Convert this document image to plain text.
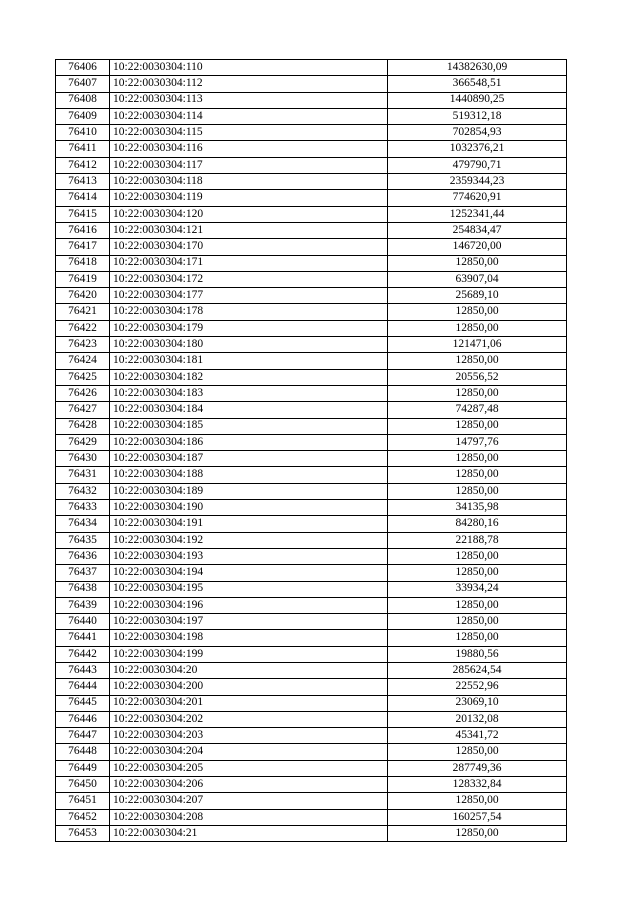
76406	10:22:0030304:110	14382630,09
76407	10:22:0030304:112	366548,51
76408	10:22:0030304:113	1440890,25
76409	10:22:0030304:114	519312,18
76410	10:22:0030304:115	702854,93
76411	10:22:0030304:116	1032376,21
76412	10:22:0030304:117	479790,71
76413	10:22:0030304:118	2359344,23
76414	10:22:0030304:119	774620,91
76415	10:22:0030304:120	1252341,44
76416	10:22:0030304:121	254834,47
76417	10:22:0030304:170	146720,00
76418	10:22:0030304:171	12850,00
76419	10:22:0030304:172	63907,04
76420	10:22:0030304:177	25689,10
76421	10:22:0030304:178	12850,00
76422	10:22:0030304:179	12850,00
76423	10:22:0030304:180	121471,06
76424	10:22:0030304:181	12850,00
76425	10:22:0030304:182	20556,52
76426	10:22:0030304:183	12850,00
76427	10:22:0030304:184	74287,48
76428	10:22:0030304:185	12850,00
76429	10:22:0030304:186	14797,76
76430	10:22:0030304:187	12850,00
76431	10:22:0030304:188	12850,00
76432	10:22:0030304:189	12850,00
76433	10:22:0030304:190	34135,98
76434	10:22:0030304:191	84280,16
76435	10:22:0030304:192	22188,78
76436	10:22:0030304:193	12850,00
76437	10:22:0030304:194	12850,00
76438	10:22:0030304:195	33934,24
76439	10:22:0030304:196	12850,00
76440	10:22:0030304:197	12850,00
76441	10:22:0030304:198	12850,00
76442	10:22:0030304:199	19880,56
76443	10:22:0030304:20	285624,54
76444	10:22:0030304:200	22552,96
76445	10:22:0030304:201	23069,10
76446	10:22:0030304:202	20132,08
76447	10:22:0030304:203	45341,72
76448	10:22:0030304:204	12850,00
76449	10:22:0030304:205	287749,36
76450	10:22:0030304:206	128332,84
76451	10:22:0030304:207	12850,00
76452	10:22:0030304:208	160257,54
76453	10:22:0030304:21	12850,00
